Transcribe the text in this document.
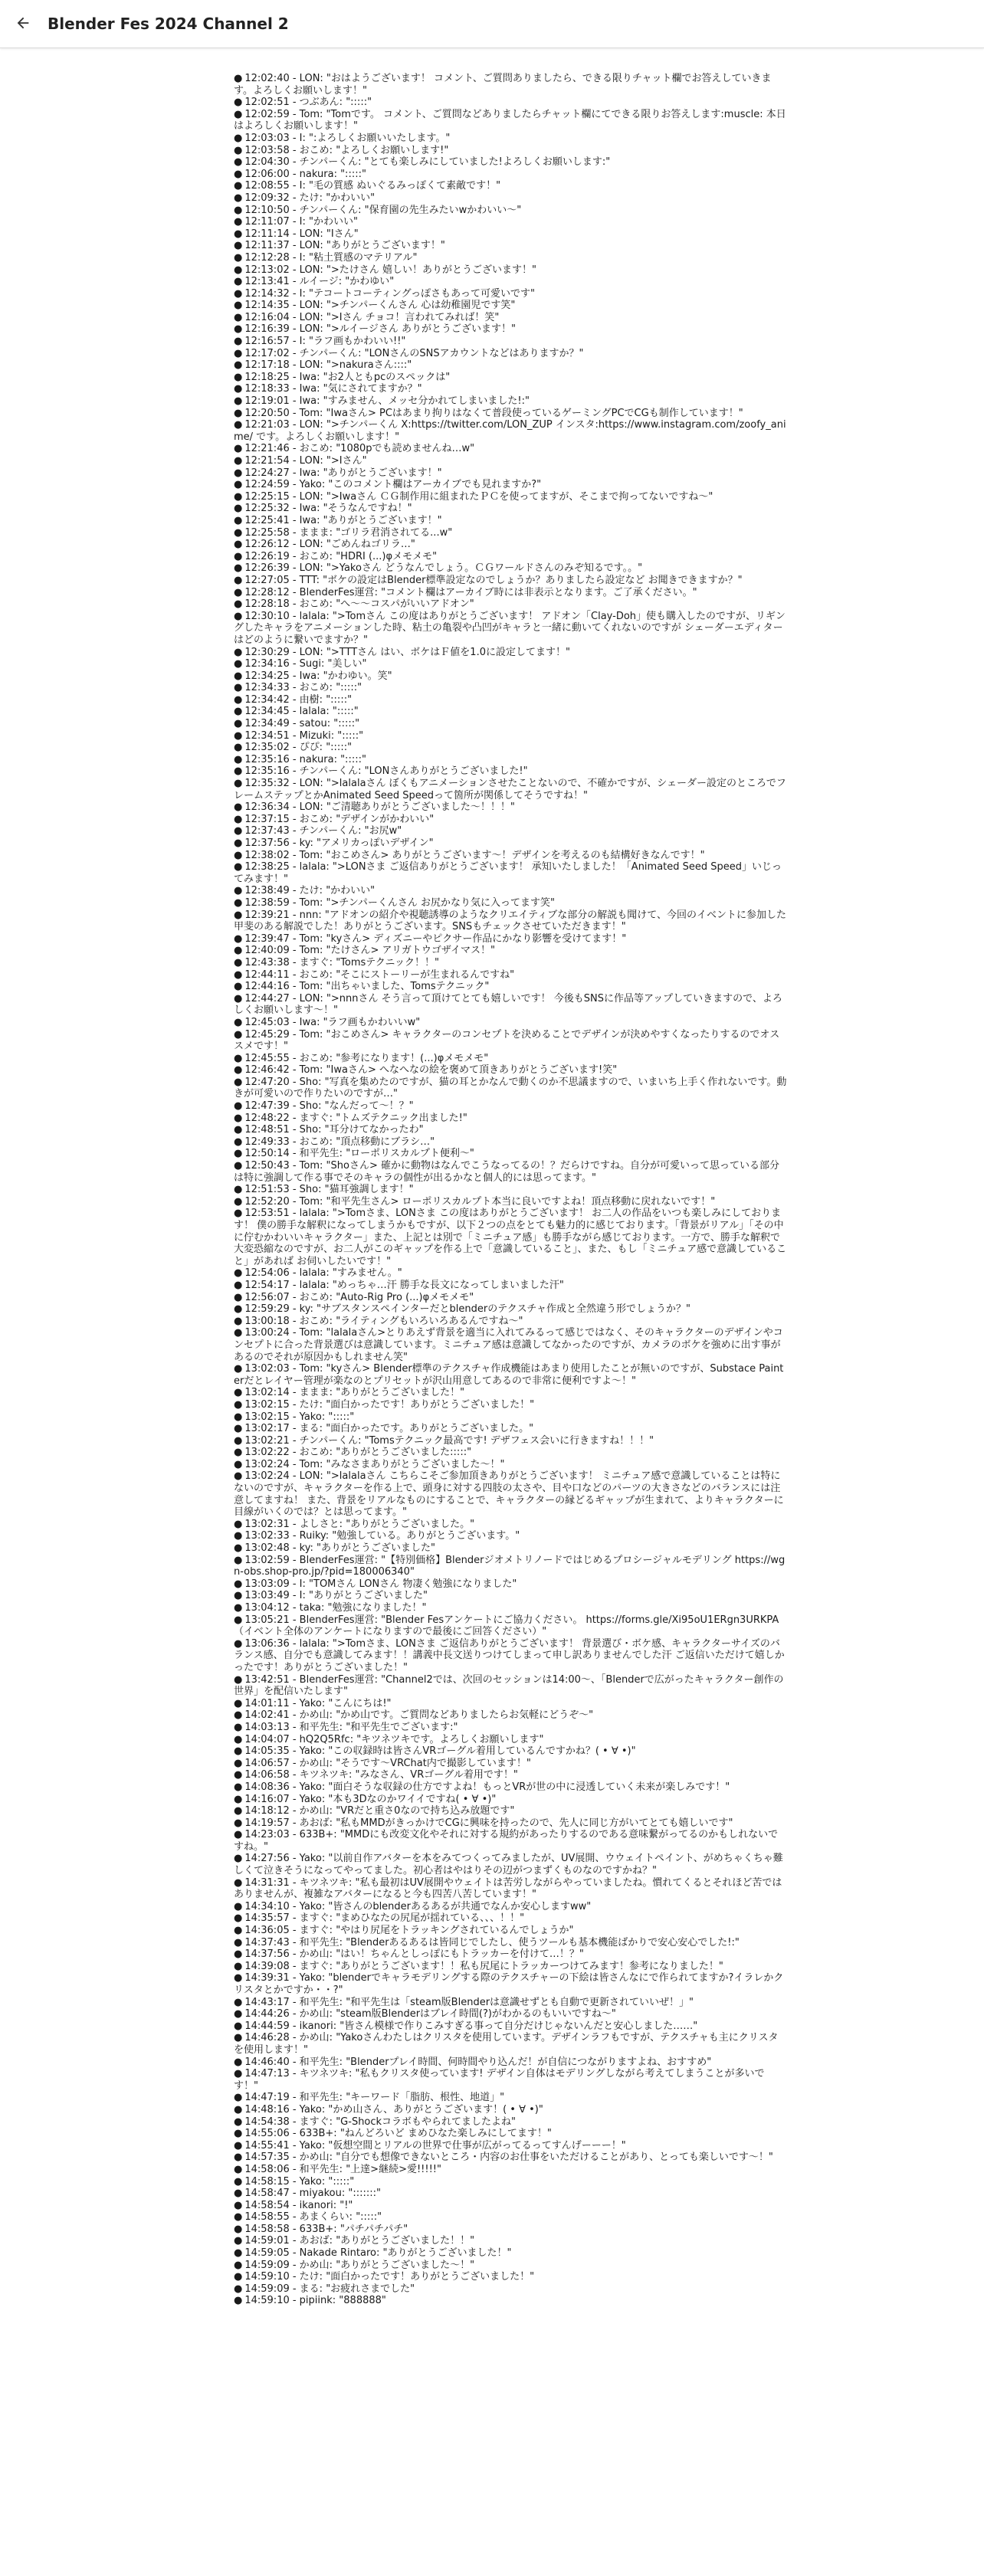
Blender Fes 2024 Channel 2
● 12:02:40 - LON: "おはようございます！ コメント、ご質問ありましたら、できる限りチャット欄でお答えしていきます。よろしくお願いします！"
● 12:02:51 - つぶあん: ":::::"
● 12:02:59 - Tom: "Tomです。 コメント、ご質問などありましたらチャット欄にてできる限りお答えします:muscle: 本日はよろしくお願いします！"
● 12:03:03 - I: ":よろしくお願いいたします。"
● 12:03:58 - おこめ: "よろしくお願いします!"
● 12:04:30 - チンパーくん: "とても楽しみにしていました!よろしくお願いします:"
● 12:06:00 - nakura: ":::::"
● 12:08:55 - I: "毛の質感 ぬいぐるみっぽくて素敵です！"
● 12:09:32 - たけ: "かわいい"
● 12:10:50 - チンパーくん: "保育園の先生みたいwかわいい〜"
● 12:11:07 - I: "かわいい"
● 12:11:14 - LON: "Iさん"
● 12:11:37 - LON: "ありがとうございます！"
● 12:12:28 - I: "粘土質感のマテリアル"
● 12:13:02 - LON: ">たけさん 嬉しい！ありがとうございます！"
● 12:13:41 - ルイージ: "かわゆい"
● 12:14:32 - I: "テコートコーティングっぽさもあって可愛いです"
● 12:14:35 - LON: ">チンパーくんさん 心は幼稚園児です笑"
● 12:16:04 - LON: ">Iさん チョコ！言われてみれば！笑"
● 12:16:39 - LON: ">ルイージさん ありがとうございます！"
● 12:16:57 - I: "ラフ画もかわいい!!"
● 12:17:02 - チンパーくん: "LONさんのSNSアカウントなどはありますか？"
● 12:17:18 - LON: ">nakuraさん::::"
● 12:18:25 - Iwa: "お2人ともpcのスペックは"
● 12:18:33 - Iwa: "気にされてますか？"
● 12:19:01 - Iwa: "すみません、メッセ分かれてしまいました!:"
● 12:20:50 - Tom: "Iwaさん> PCはあまり拘りはなくて普段使っているゲーミングPCでCGも制作しています！"
● 12:21:03 - LON: ">チンパーくん X:https://twitter.com/LON_ZUP インスタ:https://www.instagram.com/zoofy_anime/ です。よろしくお願いします！"
● 12:21:46 - おこめ: "1080pでも読めませんね…w"
● 12:21:54 - LON: ">Iさん"
● 12:24:27 - Iwa: "ありがとうございます！"
● 12:24:59 - Yako: "このコメント欄はアーカイブでも見れますか?"
● 12:25:15 - LON: ">Iwaさん ＣＧ制作用に組まれたＰＣを使ってますが、そこまで拘ってないですね〜"
● 12:25:32 - Iwa: "そうなんですね！"
● 12:25:41 - Iwa: "ありがとうございます！"
● 12:25:58 - ままま: "ゴリラ君消されてる...w"
● 12:26:12 - LON: "ごめんねゴリラ…"
● 12:26:19 - おこめ: "HDRI (...)φメモメモ"
● 12:26:39 - LON: ">Yakoさん どうなんでしょう。ＣＧワールドさんのみぞ知るです。。"
● 12:27:05 - TTT: "ボケの設定はBlender標準設定なのでしょうか？ありましたら設定など お聞きできますか？"
● 12:28:12 - BlenderFes運営: "コメント欄はアーカイブ時には非表示となります。ご了承ください。"
● 12:28:18 - おこめ: "へ〜〜コスパがいいアドオン"
● 12:30:10 - lalala: ">Tomさん この度はありがとうございます！ アドオン「Clay-Doh」使も購入したのですが、リギングしたキャラをアニメーションした時、粘土の亀裂や凸凹がキャラと一緒に動いてくれないのですが シェーダーエディターはどのように繋いでますか？"
● 12:30:29 - LON: ">TTTさん はい、ボケはＦ値を1.0に設定してます！"
● 12:34:16 - Sugi: "美しい"
● 12:34:25 - Iwa: "かわゆい。笑"
● 12:34:33 - おこめ: ":::::"
● 12:34:42 - 由樹: ":::::"
● 12:34:45 - lalala: ":::::"
● 12:34:49 - satou: ":::::"
● 12:34:51 - Mizuki: ":::::"
● 12:35:02 - ぴぴ: ":::::"
● 12:35:16 - nakura: ":::::"
● 12:35:16 - チンパーくん: "LONさんありがとうございました!"
● 12:35:32 - LON: ">lalalaさん ぼくもアニメーションさせたことないので、不確かですが、シェーダー設定のところでフレームステップとかAnimated Seed Speedって箇所が関係してそうですね！"
● 12:36:34 - LON: "ご清聴ありがとうございました〜！！！"
● 12:37:15 - おこめ: "デザインがかわいい"
● 12:37:43 - チンパーくん: "お尻w"
● 12:37:56 - ky: "アメリカっぽいデザイン"
● 12:38:02 - Tom: "おこめさん> ありがとうございます〜！デザインを考えるのも結構好きなんです！"
● 12:38:25 - lalala: ">LONさま ご返信ありがとうございます！ 承知いたしました！「Animated Seed Speed」いじってみます！"
● 12:38:49 - たけ: "かわいい"
● 12:38:59 - Tom: ">チンパーくんさん お尻かなり気に入ってます笑"
● 12:39:21 - nnn: "アドオンの紹介や視聴誘導のようなクリエイティブな部分の解説も聞けて、今回のイベントに参加した甲斐のある解説でした！ありがとうございます。SNSもチェックさせていただきます！"
● 12:39:47 - Tom: "kyさん> ディズニーやピクサー作品にかなり影響を受けてます！"
● 12:40:09 - Tom: "たけさん> アリガトウゴザイマス！"
● 12:43:38 - ますぐ: "Tomsテクニック！！"
● 12:44:11 - おこめ: "そこにストーリーが生まれるんですね"
● 12:44:16 - Tom: "出ちゃいました、Tomsテクニック"
● 12:44:27 - LON: ">nnnさん そう言って頂けてとても嬉しいです！ 今後もSNSに作品等アップしていきますので、よろしくお願いします〜！"
● 12:45:03 - Iwa: "ラフ画もかわいいw"
● 12:45:29 - Tom: "おこめさん> キャラクターのコンセプトを決めることでデザインが決めやすくなったりするのでオススメです！"
● 12:45:55 - おこめ: "参考になります！(...)φメモメモ"
● 12:46:42 - Tom: "Iwaさん> へなへなの絵を褒めて頂きありがとうございます!笑"
● 12:47:20 - Sho: "写真を集めたのですが、猫の耳とかなんで動くのか不思議ますので、いまいち上手く作れないです。動きが可愛いので作りたいのですが…"
● 12:47:39 - Sho: "なんだって〜！？"
● 12:48:22 - ますぐ: "トムズテクニック出ました!"
● 12:48:51 - Sho: "耳分けてなかったわ"
● 12:49:33 - おこめ: "頂点移動にブラシ…"
● 12:50:14 - 和平先生: "ローポリスカルプト便利〜"
● 12:50:43 - Tom: "Shoさん> 確かに動物はなんでこうなってるの！？だらけですね。自分が可愛いって思っている部分は特に強調して作る事でそのキャラの個性が出るかなと個人的には思ってます。"
● 12:51:53 - Sho: "猫耳強調します！"
● 12:52:20 - Tom: "和平先生さん> ローポリスカルプト本当に良いですよね！頂点移動に戻れないです！"
● 12:53:51 - lalala: ">Tomさま、LONさま この度はありがとうございます！ お二人の作品をいつも楽しみにしております！ 僕の勝手な解釈になってしまうかもですが、以下２つの点をとても魅力的に感じております。「背景がリアル」「その中に佇むかわいいキャラクター」また、上記とは別で「ミニチュア感」も勝手ながら感じております。一方で、勝手な解釈で大変恐縮なのですが、お二人がこのギャップを作る上で「意識していること」、また、もし「ミニチュア感で意識していること」があれば お伺いしたいです！"
● 12:54:06 - lalala: "すみません。"
● 12:54:17 - lalala: "めっちゃ…汗 勝手な長文になってしまいました汗"
● 12:56:07 - おこめ: "Auto-Rig Pro (...)φメモメモ"
● 12:59:29 - ky: "サブスタンスペインターだとblenderのテクスチャ作成と全然違う形でしょうか？"
● 13:00:18 - おこめ: "ライティングもいろいろあるんですね〜"
● 13:00:24 - Tom: "lalalaさん>とりあえず背景を適当に入れてみるって感じではなく、そのキャラクターのデザインやコンセプトに合った背景選びは意識しています。ミニチュア感は意識してなかったのですが、カメラのボケを強めに出す事があるのでそれが原因かもしれません笑"
● 13:02:03 - Tom: "kyさん> Blender標準のテクスチャ作成機能はあまり使用したことが無いのですが、Substace Painterだとレイヤー管理が楽なのとプリセットが沢山用意してあるので非常に便利ですよ〜！"
● 13:02:14 - ままま: "ありがとうございました！"
● 13:02:15 - たけ: "面白かったです！ありがとうございました！"
● 13:02:15 - Yako: ":::::"
● 13:02:17 - まる: "面白かったです。ありがとうございました。"
● 13:02:21 - チンパーくん: "Tomsテクニック最高です! デザフェス会いに行きますね！！！"
● 13:02:22 - おこめ: "ありがとうございました:::::"
● 13:02:24 - Tom: "みなさまありがとうございました〜！"
● 13:02:24 - LON: ">lalalaさん こちらこそご参加頂きありがとうございます！ ミニチュア感で意識していることは特にないのですが、キャラクターを作る上で、頭身に対する四肢の太さや、目や口などのパーツの大きさなどのバランスには注意してますね！ また、背景をリアルなものにすることで、キャラクターの縁どるギャップが生まれて、よりキャラクターに目線がいくのでは？とは思ってます。"
● 13:02:31 - よしさと: "ありがとうございました。"
● 13:02:33 - Ruiky: "勉強している。ありがとうございます。"
● 13:02:48 - ky: "ありがとうございました"
● 13:02:59 - BlenderFes運営: "【特別価格】Blenderジオメトリノードではじめるプロシージャルモデリング https://wgn-obs.shop-pro.jp/?pid=180006340"
● 13:03:09 - I: "TOMさん LONさん 物凄く勉強になりました"
● 13:03:49 - I: "ありがとうございました"
● 13:04:12 - taka: "勉強になりました！"
● 13:05:21 - BlenderFes運営: "Blender Fesアンケートにご協力ください。 https://forms.gle/Xi95oU1ERgn3URKPA （イベント全体のアンケートになりますので最後にご回答ください）"
● 13:06:36 - lalala: ">Tomさま、LONさま ご返信ありがとうございます！ 背景選び・ボケ感、キャラクターサイズのバランス感、自分でも意識してみます！！講義中長文送りつけてしまって申し訳ありませんでした汗 ご返信いただけて嬉しかったです！ありがとうございました！"
● 13:42:51 - BlenderFes運営: "Channel2では、次回のセッションは14:00〜、「Blenderで広がったキャラクター創作の世界」を配信いたします"
● 14:01:11 - Yako: "こんにちは!"
● 14:02:41 - かめ山: "かめ山です。ご質問などありましたらお気軽にどうぞ〜"
● 14:03:13 - 和平先生: "和平先生でございます:"
● 14:04:07 - hQ2Q5Rfc: "キツネツキです。よろしくお願いします"
● 14:05:35 - Yako: "この収録時は皆さんVRゴーグル着用しているんですかね？( • ∀ •)"
● 14:06:57 - かめ山: "そうです〜VRChat内で撮影しています！"
● 14:06:58 - キツネツキ: "みなさん、VRゴーグル着用です！"
● 14:08:36 - Yako: "面白そうな収録の仕方ですよね！もっとVRが世の中に浸透していく未来が楽しみです！"
● 14:16:07 - Yako: "本も3Dなのかワイイですね( • ∀ •)"
● 14:18:12 - かめ山: "VRだと重さ0なので持ち込み放題です"
● 14:19:57 - あおば: "私もMMDがきっかけでCGに興味を持ったので、先人に同じ方がいてとても嬉しいです"
● 14:23:03 - 633B+: "MMDにも改変文化やそれに対する規約があったりするのである意味繋がってるのかもしれないですね。"
● 14:27:56 - Yako: "以前自作アバターを本をみてつくってみましたが、UV展開、ウウェイトペイント、がめちゃくちゃ難しくて泣きそうになってやってました。初心者はやはりその辺がつまずくものなのですかね？"
● 14:31:31 - キツネツキ: "私も最初はUV展開やウェイトは苦労しながらやっていましたね。慣れてくるとそれほど苦ではありませんが、複雑なアバターになると今も四苦八苦しています！"
● 14:34:10 - Yako: "皆さんのblenderあるあるが共通でなんか安心しますww"
● 14:35:57 - ますぐ: "まめひなたの尻尾が揺れている、、、！！"
● 14:36:05 - ますぐ: "やはり尻尾をトラッキングされているんでしょうか"
● 14:37:43 - 和平先生: "Blenderあるあるは皆同じでしたし、使うツールも基本機能ばかりで安心安心でした!:"
● 14:37:56 - かめ山: "はい！ちゃんとしっぽにもトラッカーを付けて…！？"
● 14:39:08 - ますぐ: "ありがとうございます！！私も尻尾にトラッカーつけてみます！参考になりました！"
● 14:39:31 - Yako: "blenderでキャラモデリングする際のテクスチャーの下絵は皆さんなにで作られてますか?イラレかクリスタとかですか・・?"
● 14:43:17 - 和平先生: "和平先生は「steam版Blenderは意識せずとも自動で更新されていいぜ！」"
● 14:44:26 - かめ山: "steam版Blenderはブレイ時間(?)がわかるのもいいですね〜"
● 14:44:59 - ikanori: "皆さん模様で作りこみすぎる事って自分だけじゃないんだと安心しました……"
● 14:46:28 - かめ山: "Yakoさんわたしはクリスタを使用しています。デザインラフもですが、テクスチャも主にクリスタを使用します！"
● 14:46:40 - 和平先生: "Blenderプレイ時間、何時間やり込んだ！が自信につながりますよね、おすすめ"
● 14:47:13 - キツネツキ: "私もクリスタ使っています! デザイン自体はモデリングしながら考えてしまうことが多いです！"
● 14:47:19 - 和平先生: "キーワード「脂肪、根性、地道」"
● 14:48:16 - Yako: "かめ山さん、ありがとうございます！( • ∀ •)"
● 14:54:38 - ますぐ: "G-Shockコラボもやられてましたよね"
● 14:55:06 - 633B+: "ねんどろいど まめひなた楽しみにしてます！"
● 14:55:41 - Yako: "仮想空間とリアルの世界で仕事が広がってるってすんげーーー！"
● 14:57:35 - かめ山: "自分でも想像できないところ・内容のお仕事をいただけることがあり、とっても楽しいです〜！"
● 14:58:06 - 和平先生: "上達>継続>愛!!!!!"
● 14:58:15 - Yako: ":::::"
● 14:58:47 - miyakou: ":::::::"
● 14:58:54 - ikanori: "!"
● 14:58:55 - あまくらい: ":::::"
● 14:58:58 - 633B+: "パチパチパチ"
● 14:59:01 - あおば: "ありがとうございました！！"
● 14:59:05 - Nakade Rintaro: "ありがとうございました！"
● 14:59:09 - かめ山: "ありがとうございました〜！"
● 14:59:10 - たけ: "面白かったです！ありがとうございました！"
● 14:59:09 - まる: "お疲れさまでした"
● 14:59:10 - pipiink: "888888"
